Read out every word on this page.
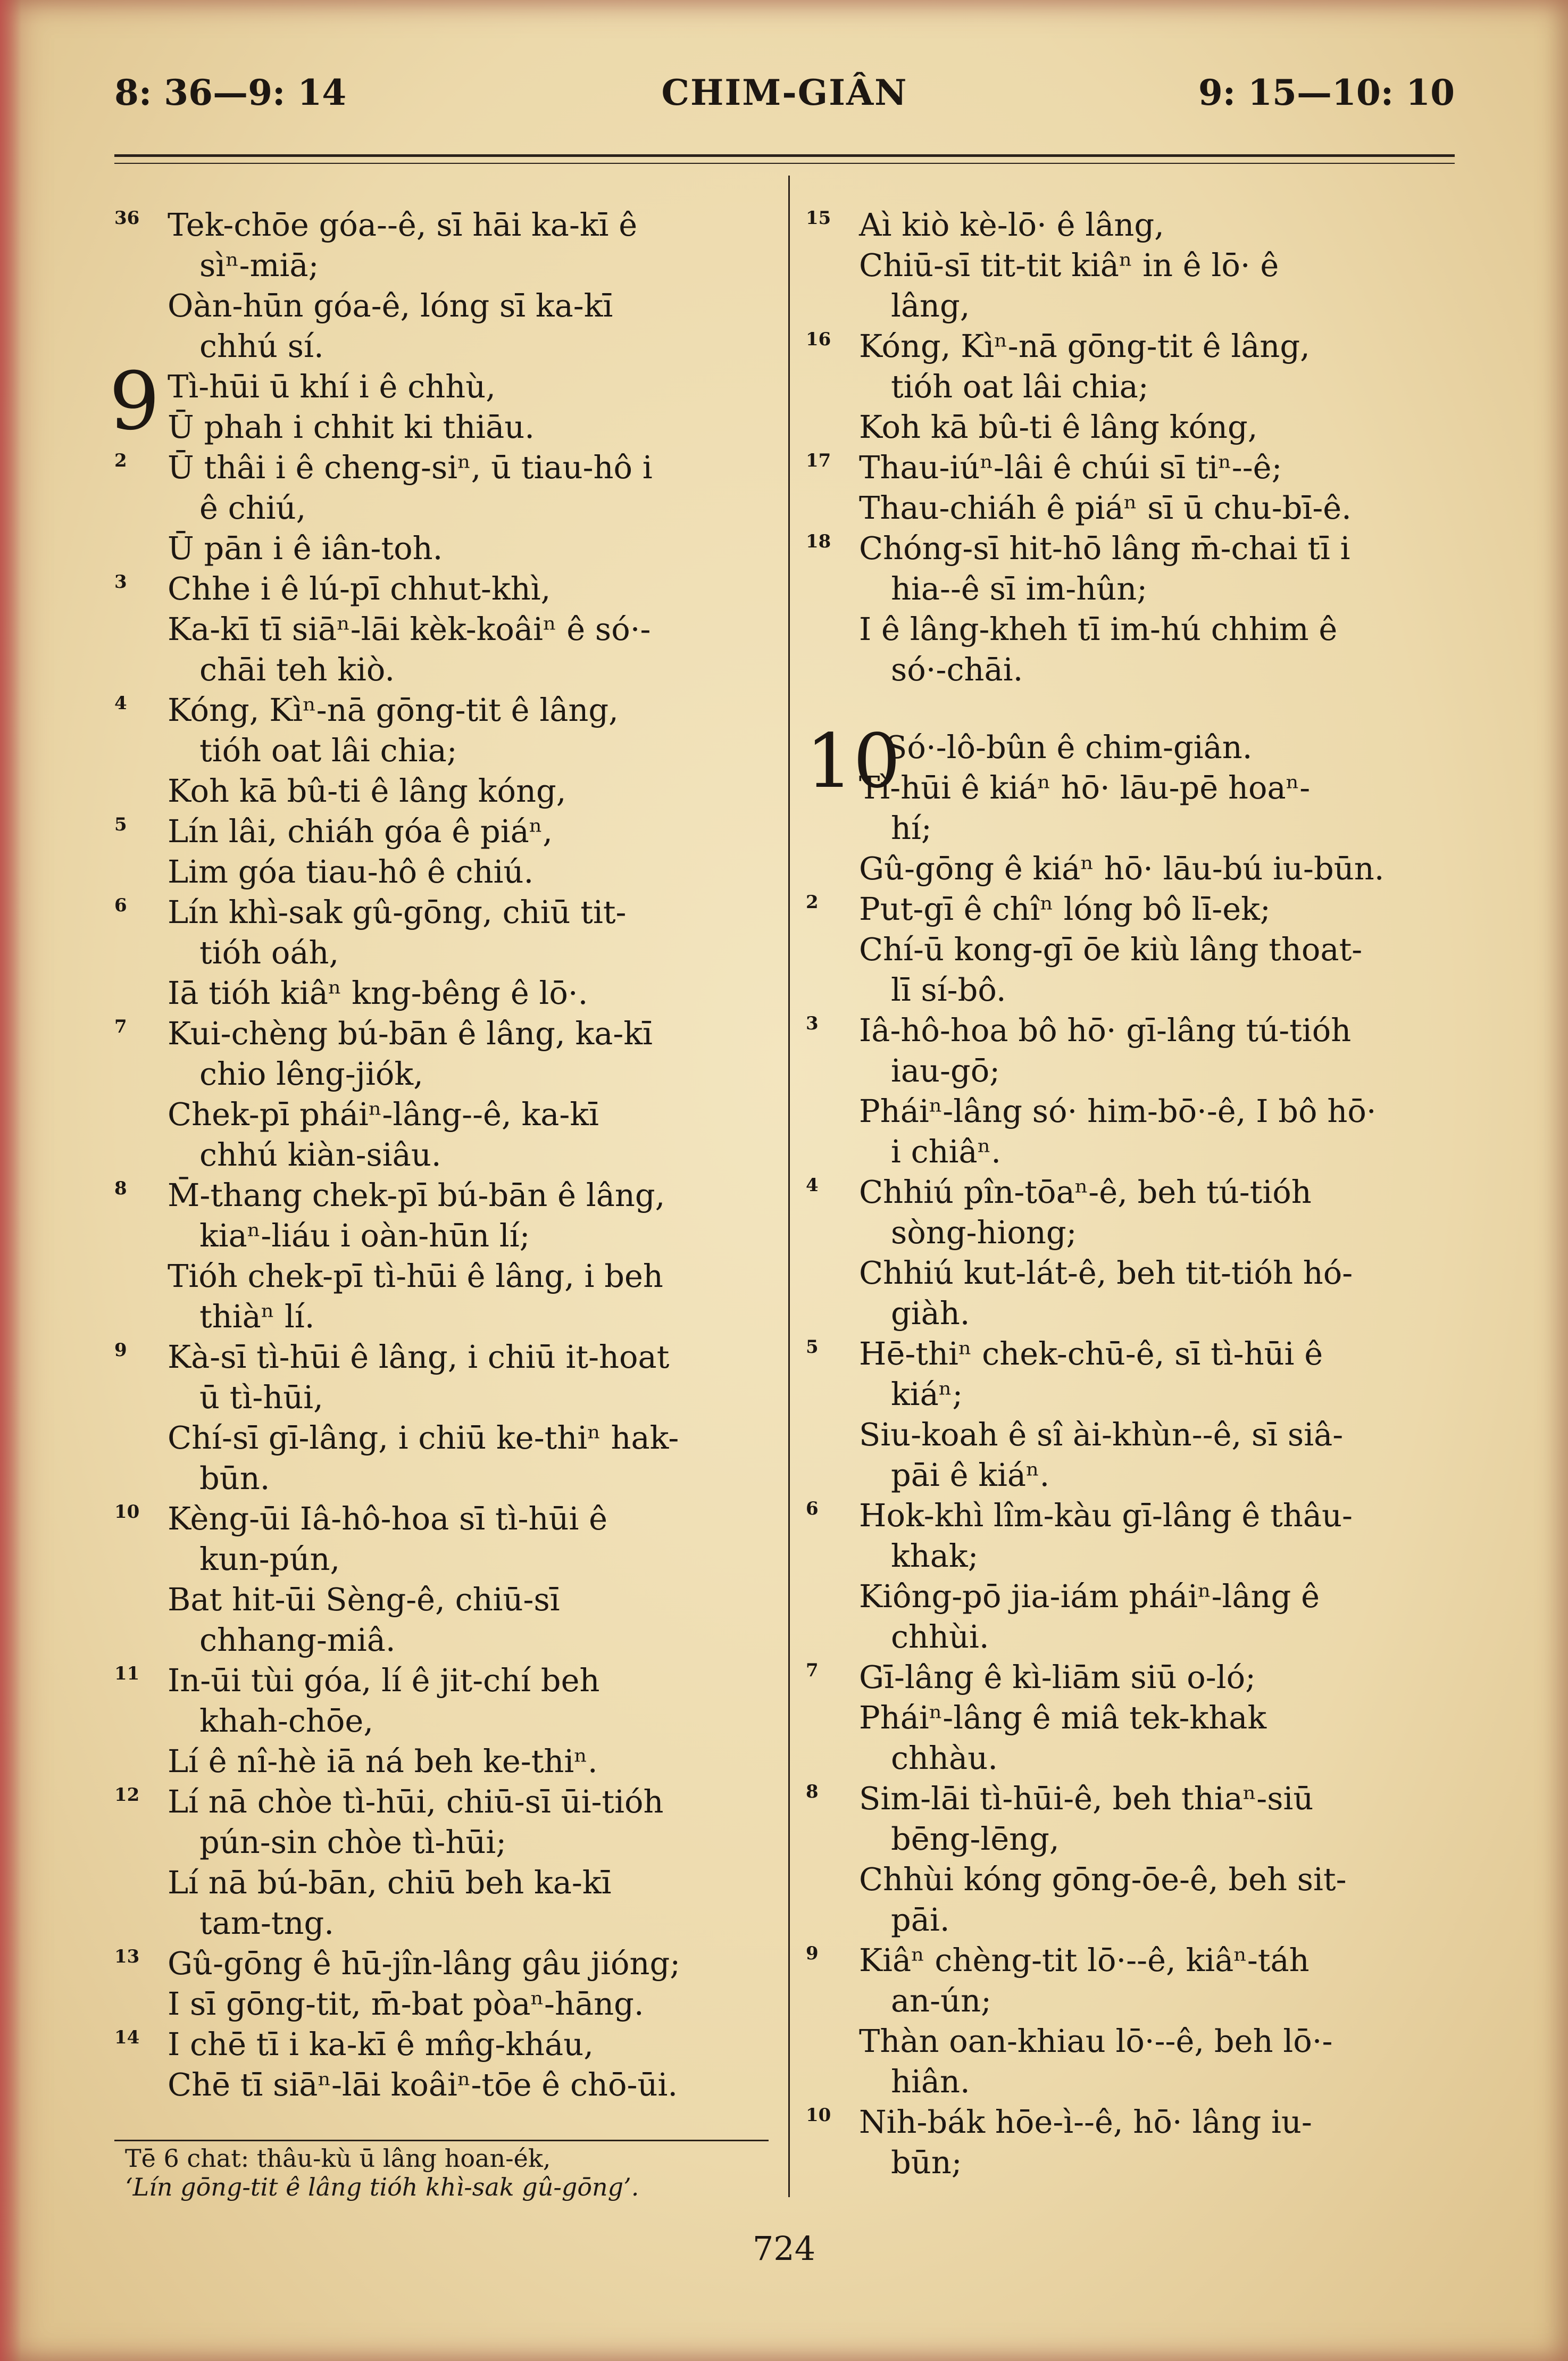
8: 36—9: 14	CHIM-GIÂN	9: 15—10: 10
36 Tek-chōe góa--ê, sī hāi ka-kī ê
sìⁿ-miā;
Oàn-hūn góa-ê, lóng sī ka-kī
chhú sí.
Tì-hūi ū khí i ê chhù,
Ū phah i chhit ki thiāu.
2	Ū thâi i ê cheng-siⁿ, ū tiau-hô i
ê chiú,
Ū pān i ê iân-toh.
3	Chhe i ê lú-pī chhut-khì,
Ka-kī tī siāⁿ-lāi kèk-koâiⁿ ê só·-
chāi teh kiò.
4	Kóng, Kìⁿ-nā gōng-tit ê lâng,
tióh oat lâi chia;
Koh kā bû-ti ê lâng kóng,
5	Lín lâi, chiáh góa ê piáⁿ,
Lim góa tiau-hô ê chiú.
6	Lín khì-sak gû-gōng, chiū tit-
tióh oáh,
Iā tióh kiâⁿ kng-bêng ê lō·.
7	Kui-chèng bú-bān ê lâng, ka-kī
chio lêng-jiók,
Chek-pī pháiⁿ-lâng--ê, ka-kī
chhú kiàn-siâu.
8	M̄-thang chek-pī bú-bān ê lâng,
kiaⁿ-liáu i oàn-hūn lí;
Tióh chek-pī tì-hūi ê lâng, i beh
thiàⁿ lí.
9	Kà-sī tì-hūi ê lâng, i chiū it-hoat
ū tì-hūi,
Chí-sī gī-lâng, i chiū ke-thiⁿ hak-
būn.
10 Kèng-ūi Iâ-hô-hoa sī tì-hūi ê
kun-pún,
Bat hit-ūi Sèng-ê, chiū-sī
chhang-miâ.
11 In-ūi tùi góa, lí ê jit-chí beh
khah-chōe,
Lí ê nî-hè iā ná beh ke-thiⁿ.
12 Lí nā chòe tì-hūi, chiū-sī ūi-tióh
pún-sin chòe tì-hūi;
Lí nā bú-bān, chiū beh ka-kī
tam-tng.
13 Gû-gōng ê hū-jîn-lâng gâu jióng;
I sī gōng-tit, m̄-bat pòaⁿ-hāng.
14 I chē tī i ka-kī ê mn̂g-kháu,
Chē tī siāⁿ-lāi koâiⁿ-tōe ê chō-ūi.
9
15 Aì kiò kè-lō· ê lâng,
Chiū-sī tit-tit kiâⁿ in ê lō· ê
lâng,
16 Kóng, Kìⁿ-nā gōng-tit ê lâng,
tióh oat lâi chia;
Koh kā bû-ti ê lâng kóng,
17 Thau-iúⁿ-lâi ê chúi sī tiⁿ--ê;
Thau-chiáh ê piáⁿ sī ū chu-bī-ê.
18 Chóng-sī hit-hō lâng m̄-chai tī i
hia--ê sī im-hûn;
I ê lâng-kheh tī im-hú chhim ê
só·-chāi.
10
Só·-lô-bûn ê chim-giân.
Tì-hūi ê kiáⁿ hō· lāu-pē hoaⁿ-
hí;
Gû-gōng ê kiáⁿ hō· lāu-bú iu-būn.
2	Put-gī ê chîⁿ lóng bô lī-ek;
Chí-ū kong-gī ōe kiù lâng thoat-
lī sí-bô.
3	Iâ-hô-hoa bô hō· gī-lâng tú-tióh
iau-gō;
Pháiⁿ-lâng só· him-bō·-ê, I bô hō·
i chiâⁿ.
4	Chhiú pîn-tōaⁿ-ê, beh tú-tióh
sòng-hiong;
Chhiú kut-lát-ê, beh tit-tióh hó-
giàh.
5	Hē-thiⁿ chek-chū-ê, sī tì-hūi ê
kiáⁿ;
Siu-koah ê sî ài-khùn--ê, sī siâ-
pāi ê kiáⁿ.
6	Hok-khì lîm-kàu gī-lâng ê thâu-
khak;
Kiông-pō jia-iám pháiⁿ-lâng ê
chhùi.
7	Gī-lâng ê kì-liām siū o-ló;
Pháiⁿ-lâng ê miâ tek-khak
chhàu.
8	Sim-lāi tì-hūi-ê, beh thiaⁿ-siū
bēng-lēng,
Chhùi kóng gōng-ōe-ê, beh sit-
pāi.
9	Kiâⁿ chèng-tit lō·--ê, kiâⁿ-táh
an-ún;
Thàn oan-khiau lō·--ê, beh lō·-
hiân.
10 Nih-bák hōe-ì--ê, hō· lâng iu-
būn;
Tē 6 chat: thâu-kù ū lâng hoan-ék,
‘Lín gōng-tit ê lâng tióh khì-sak gû-gōng’.
724
